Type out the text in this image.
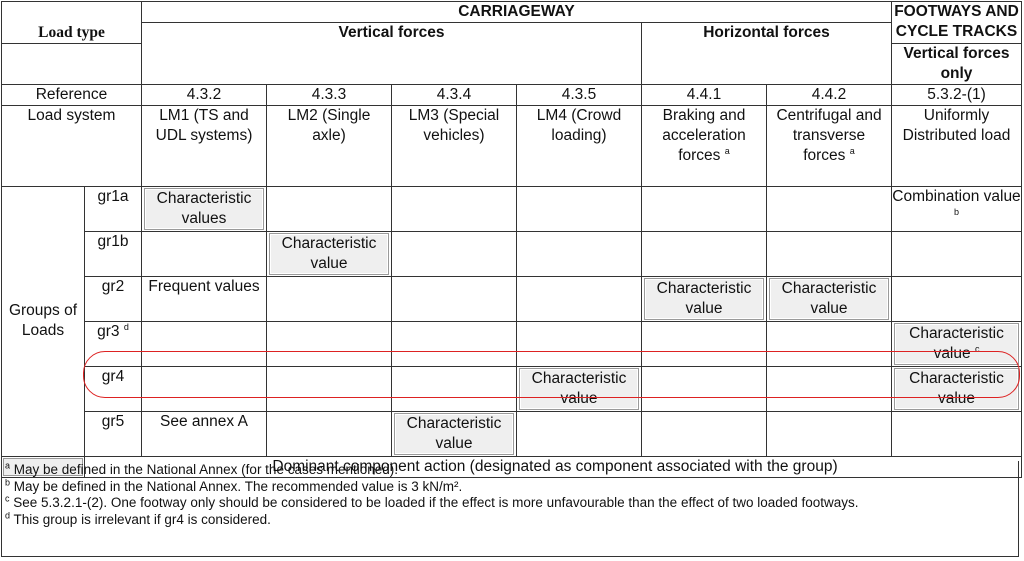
		CARRIAGEWAY						FOOTWAYS AND CYCLE TRACKS
Load type		Vertical forces				Horizontal forces		
								Vertical forces only
Reference		4.3.2	4.3.3	4.3.4	4.3.5	4.4.1	4.4.2	5.3.2-(1)
Load system		LM1 (TS and UDL systems)	LM2 (Single axle)	LM3 (Special vehicles)	LM4 (Crowd loading)	Braking and acceleration forces $^a$	Centrifugal and transverse forces $^a$	Uniformly Distributed load
Groups of Loads	gr1a	Characteristic values						Combination value $^b$
	gr1b		Characteristic value					

	gr2	Frequent values				Characteristic value	Characteristic value	

	gr3 $^d$							Characteristic value $^c$

	gr4				Characteristic value			Characteristic value

	gr5	See annex A		Characteristic value				

	Dominant component action (designated as component associated with the group)							
$^a$ May be defined in the National Annex (for the cases mentioned).
$^b$ May be defined in the National Annex. The recommended value is 3 kN/m².
$^c$ See 5.3.2.1-(2). One footway only should be considered to be loaded if the effect is more unfavourable than the effect of two loaded footways.
$^d$ This group is irrelevant if gr4 is considered.
